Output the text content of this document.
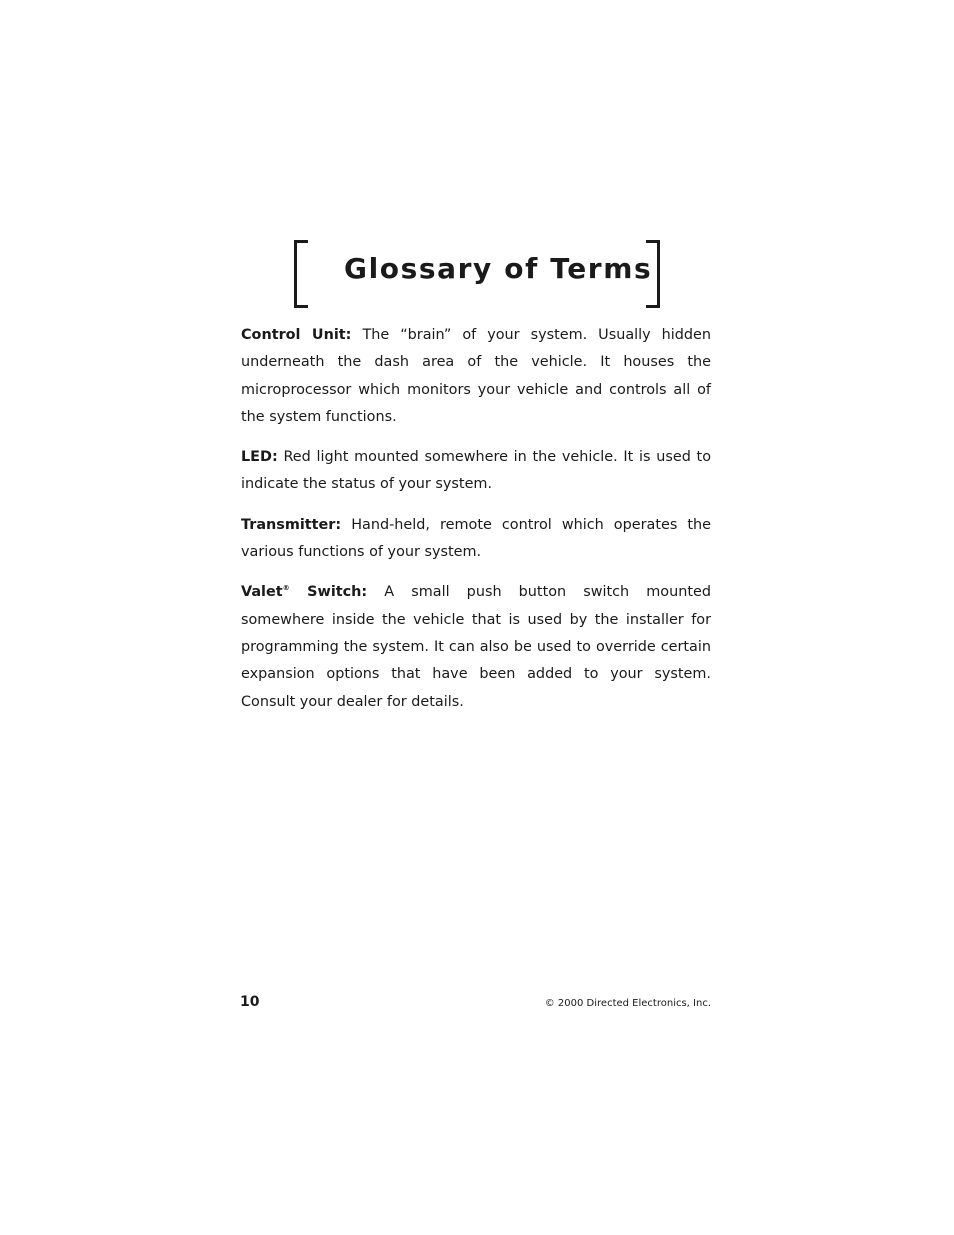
Glossary of Terms

Control Unit: The “brain” of your system. Usually hidden underneath the dash area of the vehicle. It houses the microprocessor which monitors your vehicle and controls all of the system functions.

LED: Red light mounted somewhere in the vehicle. It is used to indicate the status of your system.

Transmitter: Hand-held, remote control which operates the various functions of your system.

Valet® Switch: A small push button switch mounted somewhere inside the vehicle that is used by the installer for programming the system. It can also be used to override certain expansion options that have been added to your system. Consult your dealer for details.

10	© 2000 Directed Electronics, Inc.
